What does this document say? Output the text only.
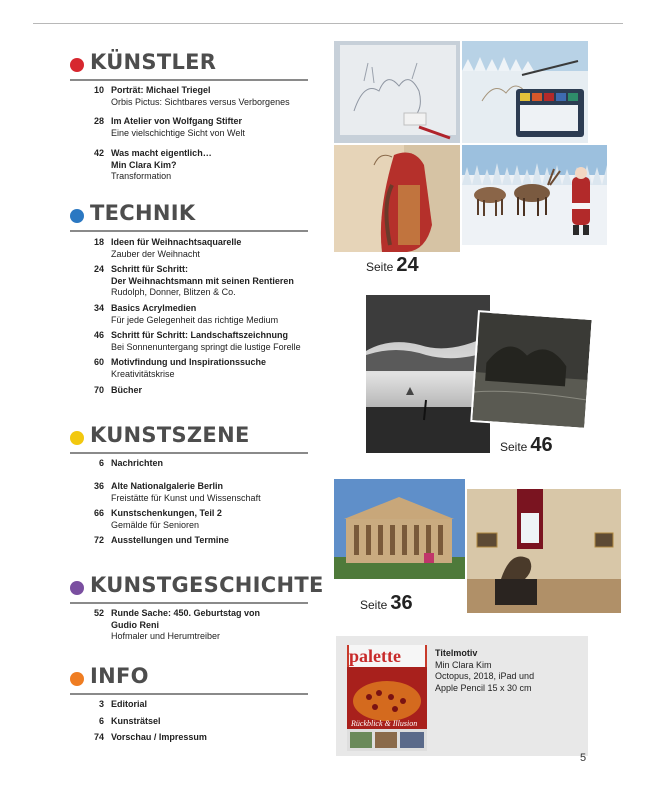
KÜNSTLER
10 Porträt: Michael Triegel
Orbis Pictus: Sichtbares versus Verborgenes
28 Im Atelier von Wolfgang Stifter
Eine vielschichtige Sicht von Welt
42 Was macht eigentlich…
Min Clara Kim?
Transformation
TECHNIK
18 Ideen für Weihnachtsaquarelle
Zauber der Weihnacht
24 Schritt für Schritt:
Der Weihnachtsmann mit seinen Rentieren
Rudolph, Donner, Blitzen & Co.
34 Basics Acrylmedien
Für jede Gelegenheit das richtige Medium
46 Schritt für Schritt: Landschaftszeichnung
Bei Sonnenuntergang springt die lustige Forelle
60 Motivfindung und Inspirationssuche
Kreativitätskrise
70 Bücher
KUNSTSZENE
6 Nachrichten
36 Alte Nationalgalerie Berlin
Freistätte für Kunst und Wissenschaft
66 Kunstschenkungen, Teil 2
Gemälde für Senioren
72 Ausstellungen und Termine
KUNSTGESCHICHTE
52 Runde Sache: 450. Geburtstag von
Gudio Reni
Hofmaler und Herumtreiber
INFO
3 Editorial
6 Kunsträtsel
74 Vorschau / Impressum
Seite 24
Seite 46
Seite 36
palette
Rückblick & Illusion
Titelmotiv
Min Clara Kim
Octopus, 2018, iPad und
Apple Pencil 15 x 30 cm
5
